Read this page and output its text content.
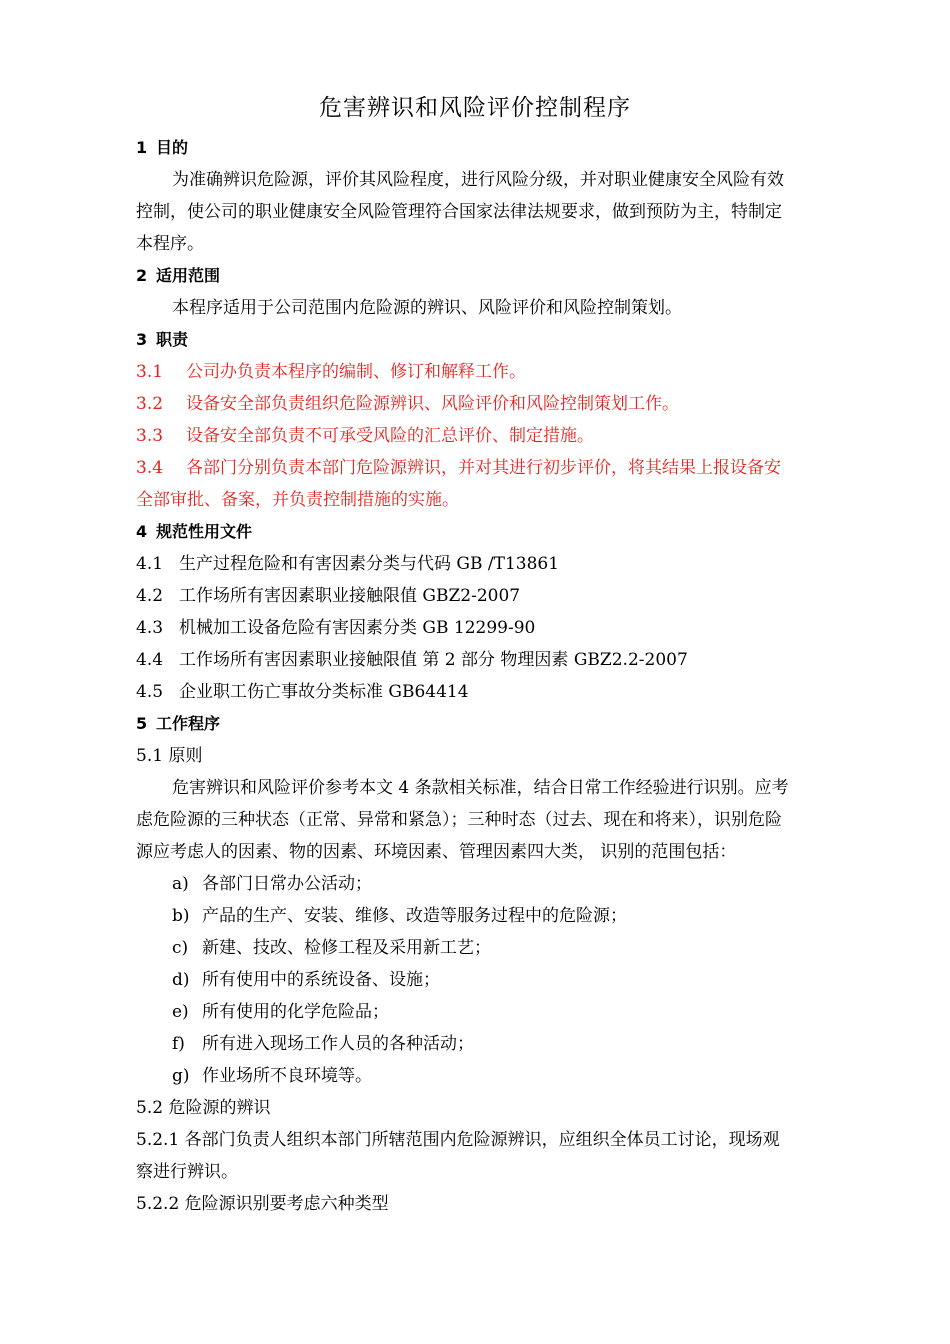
危害辨识和风险评价控制程序
1 目的
为准确辨识危险源，评价其风险程度，进行风险分级，并对职业健康安全风险有效
控制，使公司的职业健康安全风险管理符合国家法律法规要求，做到预防为主，特制定
本程序。
2 适用范围
本程序适用于公司范围内危险源的辨识、风险评价和风险控制策划。
3 职责
3.1 公司办负责本程序的编制、修订和解释工作。
3.2 设备安全部负责组织危险源辨识、风险评价和风险控制策划工作。
3.3 设备安全部负责不可承受风险的汇总评价、制定措施。
3.4 各部门分别负责本部门危险源辨识，并对其进行初步评价，将其结果上报设备安
全部审批、备案，并负责控制措施的实施。
4 规范性用文件
4.1 生产过程危险和有害因素分类与代码 GB /T13861
4.2 工作场所有害因素职业接触限值 GBZ2-2007
4.3 机械加工设备危险有害因素分类 GB 12299-90
4.4 工作场所有害因素职业接触限值 第 2 部分 物理因素 GBZ2.2-2007
4.5 企业职工伤亡事故分类标准 GB64414
5 工作程序
5.1 原则
危害辨识和风险评价参考本文 4 条款相关标准，结合日常工作经验进行识别。应考
虑危险源的三种状态（正常、异常和紧急）；三种时态（过去、现在和将来），识别危险
源应考虑人的因素、物的因素、环境因素、管理因素四大类， 识别的范围包括：
a) 各部门日常办公活动；
b) 产品的生产、安装、维修、改造等服务过程中的危险源；
c) 新建、技改、检修工程及采用新工艺；
d) 所有使用中的系统设备、设施；
e) 所有使用的化学危险品；
f) 所有进入现场工作人员的各种活动；
g) 作业场所不良环境等。
5.2 危险源的辨识
5.2.1 各部门负责人组织本部门所辖范围内危险源辨识，应组织全体员工讨论，现场观
察进行辨识。
5.2.2 危险源识别要考虑六种类型
